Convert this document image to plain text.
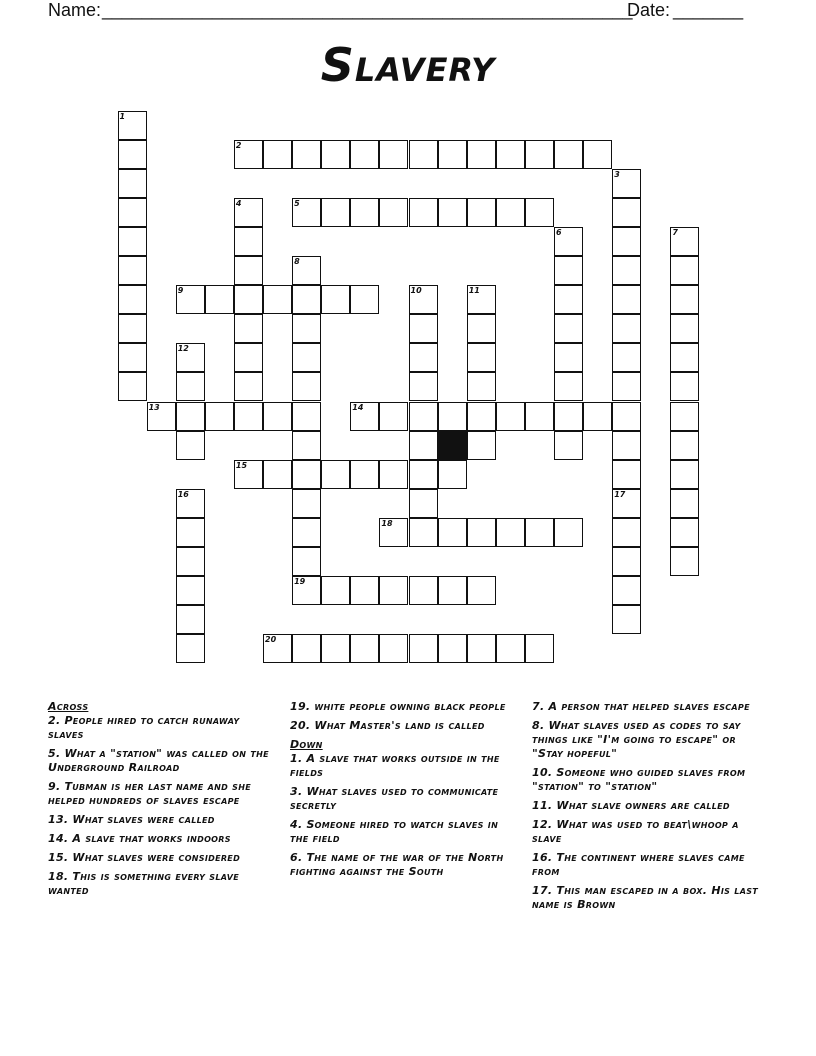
Name: _____________________________________________________
Date: _______
Slavery
1
2
3
4	5
6	7
8
19
9	10	11
12
13	14
15
16	17
18
20
Across
2. People hired to catch runaway slaves
5. What a "station" was called on the Underground Railroad
9. Tubman is her last name and she helped hundreds of slaves escape
13. What slaves were called
14. A slave that works indoors
15. What slaves were considered
18. This is something every slave wanted
19. white people owning black people
20. What Master's land is called
Down
1. A slave that works outside in the fields
3. What slaves used to communicate secretly
4. Someone hired to watch slaves in the field
6. The name of the war of the North fighting against the South
7. A person that helped slaves escape
8. What slaves used as codes to say things like "I'm going to escape" or "Stay hopeful"
10. Someone who guided slaves from "station" to "station"
11. What slave owners are called
12. What was used to beat\whoop a slave
16. The continent where slaves came from
17. This man escaped in a box. His last name is Brown
